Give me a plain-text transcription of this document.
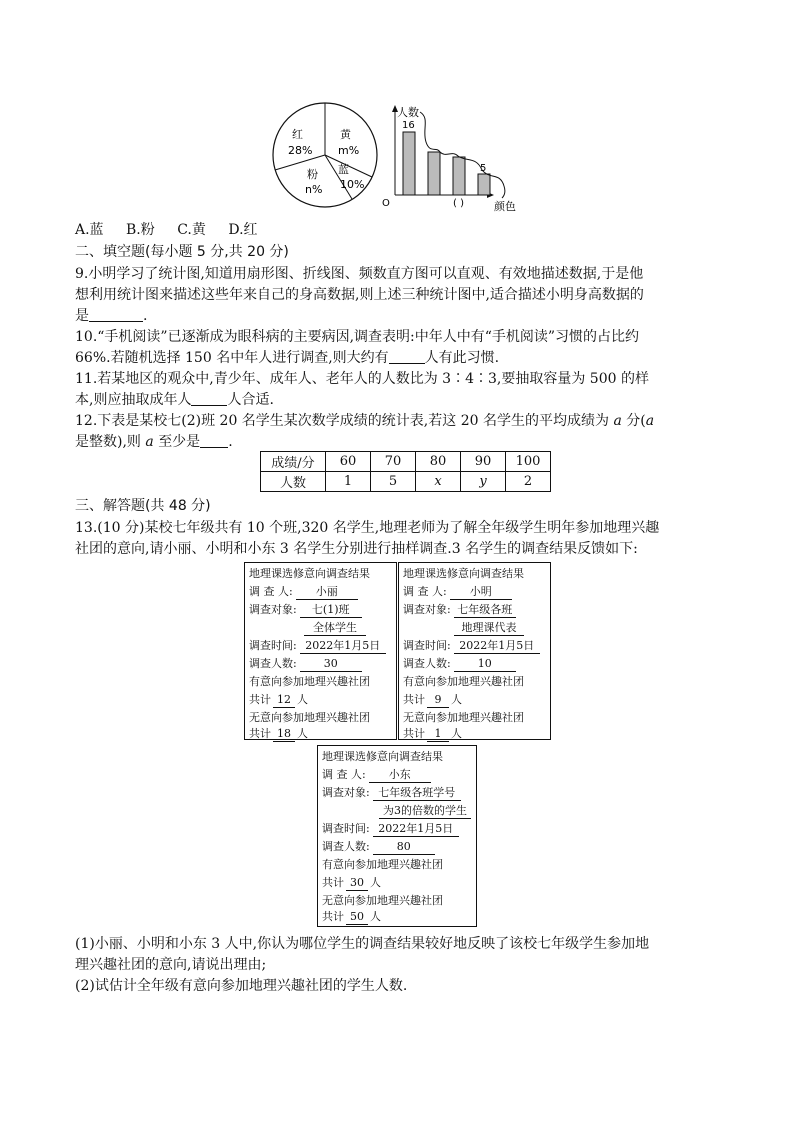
红
28%
黄
m%
粉
n%
蓝
10%
人数
颜色
O
16
5
( )
A.蓝 B.粉 C.黄 D.红
二、填空题(每小题 5 分,共 20 分)
9.小明学习了统计图,知道用扇形图、折线图、频数直方图可以直观、有效地描述数据,于是他
想利用统计图来描述这些年来自己的身高数据,则上述三种统计图中,适合描述小明身高数据的
是	.
10.“手机阅读”已逐渐成为眼科病的主要病因,调查表明:中年人中有“手机阅读”习惯的占比约
66%.若随机选择 150 名中年人进行调查,则大约有	人有此习惯.
11.若某地区的观众中,青少年、成年人、老年人的人数比为 3∶4∶3,要抽取容量为 500 的样
本,则应抽取成年人	人合适.
12.下表是某校七(2)班 20 名学生某次数学成绩的统计表,若这 20 名学生的平均成绩为 a 分(a
是整数),则 a 至少是 .
成绩/分	60	70	80	90	100
人数	1	5	x	y	2
三、解答题(共 48 分)
13.(10 分)某校七年级共有 10 个班,320 名学生,地理老师为了解全年级学生明年参加地理兴趣
社团的意向,请小丽、小明和小东 3 名学生分别进行抽样调查.3 名学生的调查结果反馈如下:
地理课选修意向调查结果
调 查 人: 小丽
调查对象: 七(1)班
全体学生
调查时间: 2022年1月5日
调查人数: 30
有意向参加地理兴趣社团
共计 12 人
无意向参加地理兴趣社团
共计 18 人
地理课选修意向调查结果
调 查 人: 小明
调查对象: 七年级各班
地理课代表
调查时间: 2022年1月5日
调查人数: 10
有意向参加地理兴趣社团
共计 9 人
无意向参加地理兴趣社团
共计 1 人
地理课选修意向调查结果
调 查 人: 小东
调查对象: 七年级各班学号
为3的倍数的学生
调查时间: 2022年1月5日
调查人数: 80
有意向参加地理兴趣社团
共计 30 人
无意向参加地理兴趣社团
共计 50 人
(1)小丽、小明和小东 3 人中,你认为哪位学生的调查结果较好地反映了该校七年级学生参加地
理兴趣社团的意向,请说出理由;
(2)试估计全年级有意向参加地理兴趣社团的学生人数.
